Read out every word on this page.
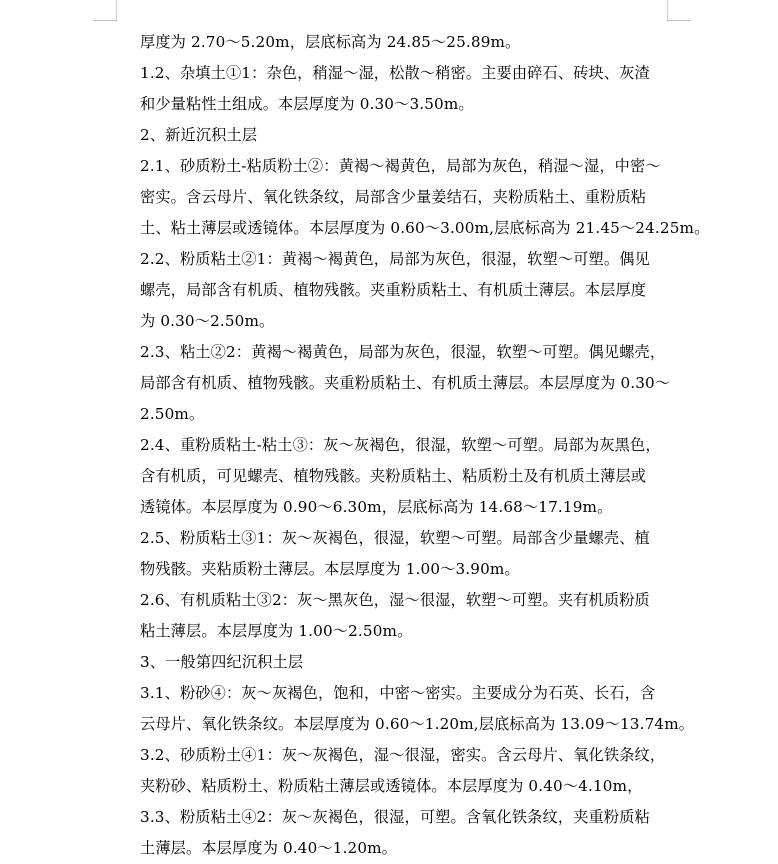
厚度为 2.70～5.20m，层底标高为 24.85～25.89m。
1.2、杂填土①1：杂色，稍湿～湿，松散～稍密。主要由碎石、砖块、灰渣
和少量粘性土组成。本层厚度为 0.30～3.50m。
2、新近沉积土层
2.1、砂质粉土-粘质粉土②：黄褐～褐黄色，局部为灰色，稍湿～湿，中密～
密实。含云母片、氧化铁条纹，局部含少量姜结石，夹粉质粘土、重粉质粘
土、粘土薄层或透镜体。本层厚度为 0.60～3.00m,层底标高为 21.45～24.25m。
2.2、粉质粘土②1：黄褐～褐黄色，局部为灰色，很湿，软塑～可塑。偶见
螺壳，局部含有机质、植物残骸。夹重粉质粘土、有机质土薄层。本层厚度
为 0.30～2.50m。
2.3、粘土②2：黄褐～褐黄色，局部为灰色，很湿，软塑～可塑。偶见螺壳，
局部含有机质、植物残骸。夹重粉质粘土、有机质土薄层。本层厚度为 0.30～
2.50m。
2.4、重粉质粘土-粘土③：灰～灰褐色，很湿，软塑～可塑。局部为灰黑色，
含有机质，可见螺壳、植物残骸。夹粉质粘土、粘质粉土及有机质土薄层或
透镜体。本层厚度为 0.90～6.30m，层底标高为 14.68～17.19m。
2.5、粉质粘土③1：灰～灰褐色，很湿，软塑～可塑。局部含少量螺壳、植
物残骸。夹粘质粉土薄层。本层厚度为 1.00～3.90m。
2.6、有机质粘土③2：灰～黑灰色，湿～很湿，软塑～可塑。夹有机质粉质
粘土薄层。本层厚度为 1.00～2.50m。
3、一般第四纪沉积土层
3.1、粉砂④：灰～灰褐色，饱和，中密～密实。主要成分为石英、长石，含
云母片、氧化铁条纹。本层厚度为 0.60～1.20m,层底标高为 13.09～13.74m。
3.2、砂质粉土④1：灰～灰褐色，湿～很湿，密实。含云母片、氧化铁条纹，
夹粉砂、粘质粉土、粉质粘土薄层或透镜体。本层厚度为 0.40～4.10m，
3.3、粉质粘土④2：灰～灰褐色，很湿，可塑。含氧化铁条纹，夹重粉质粘
土薄层。本层厚度为 0.40～1.20m。
